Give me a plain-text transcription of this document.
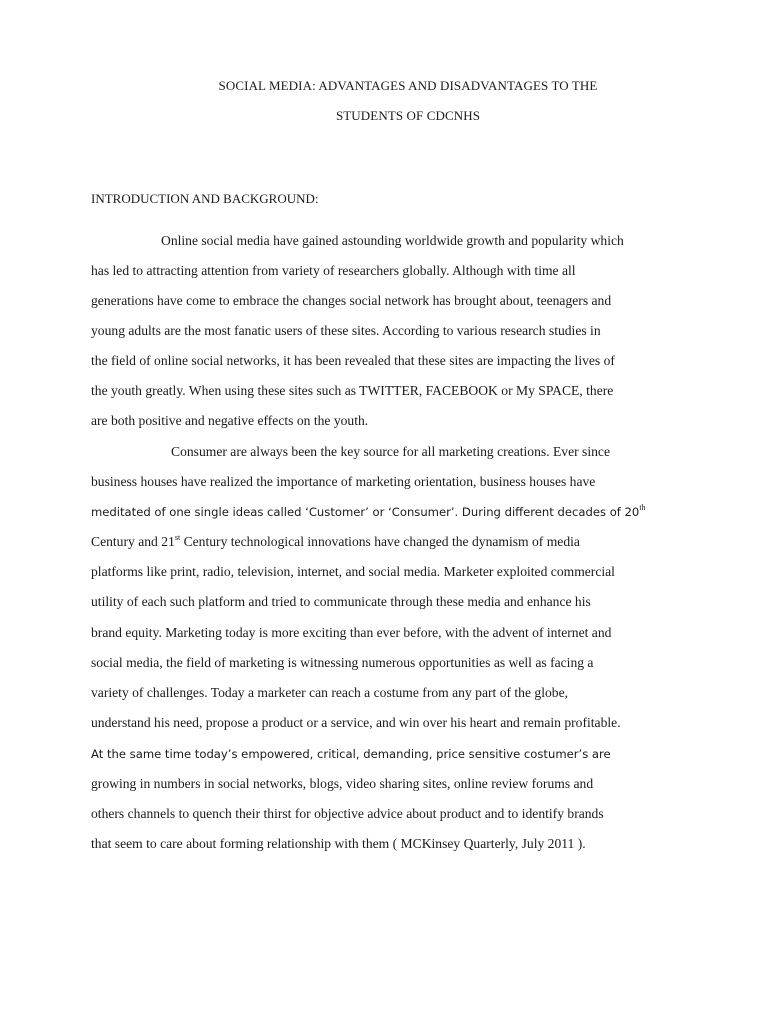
SOCIAL MEDIA: ADVANTAGES AND DISADVANTAGES TO THE
STUDENTS OF CDCNHS
INTRODUCTION AND BACKGROUND:
Online social media have gained astounding worldwide growth and popularity which
has led to attracting attention from variety of researchers globally. Although with time all
generations have come to embrace the changes social network has brought about, teenagers and
young adults are the most fanatic users of these sites. According to various research studies in
the field of online social networks, it has been revealed that these sites are impacting the lives of
the youth greatly. When using these sites such as TWITTER, FACEBOOK or My SPACE, there
are both positive and negative effects on the youth.
Consumer are always been the key source for all marketing creations. Ever since
business houses have realized the importance of marketing orientation, business houses have
meditated of one single ideas called ‘Customer’ or ‘Consumer’. During different decades of 20th
Century and 21st Century technological innovations have changed the dynamism of media
platforms like print, radio, television, internet, and social media. Marketer exploited commercial
utility of each such platform and tried to communicate through these media and enhance his
brand equity. Marketing today is more exciting than ever before, with the advent of internet and
social media, the field of marketing is witnessing numerous opportunities as well as facing a
variety of challenges. Today a marketer can reach a costume from any part of the globe,
understand his need, propose a product or a service, and win over his heart and remain profitable.
At the same time today’s empowered, critical, demanding, price sensitive costumer’s are
growing in numbers in social networks, blogs, video sharing sites, online review forums and
others channels to quench their thirst for objective advice about product and to identify brands
that seem to care about forming relationship with them ( MCKinsey Quarterly, July 2011 ).
